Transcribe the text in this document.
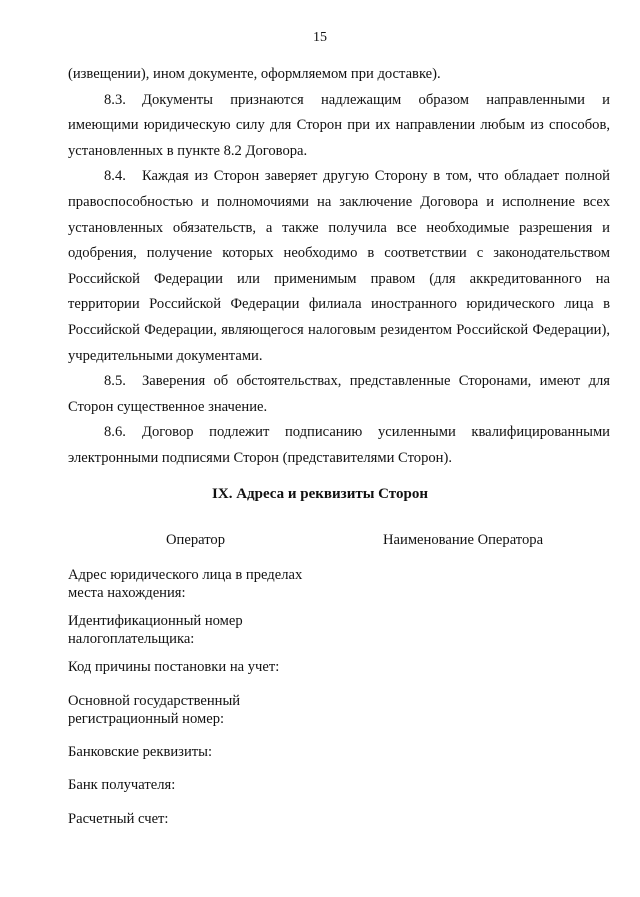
15

(извещении), ином документе, оформляемом при доставке).

8.3. Документы признаются надлежащим образом направленными и имеющими юридическую силу для Сторон при их направлении любым из способов, установленных в пункте 8.2 Договора.

8.4. Каждая из Сторон заверяет другую Сторону в том, что обладает полной правоспособностью и полномочиями на заключение Договора и исполнение всех установленных обязательств, а также получила все необходимые разрешения и одобрения, получение которых необходимо в соответствии с законодательством Российской Федерации или применимым правом (для аккредитованного на территории Российской Федерации филиала иностранного юридического лица в Российской Федерации, являющегося налоговым резидентом Российской Федерации), учредительными документами.

8.5. Заверения об обстоятельствах, представленные Сторонами, имеют для Сторон существенное значение.

8.6. Договор подлежит подписанию усиленными квалифицированными электронными подписями Сторон (представителями Сторон).

IX. Адреса и реквизиты Сторон
Оператор	Наименование Оператора
Адрес юридического лица в пределах
места нахождения:
Идентификационный номер
налогоплательщика:
Код причины постановки на учет:
Основной государственный
регистрационный номер:
Банковские реквизиты:
Банк получателя:
Расчетный счет:
